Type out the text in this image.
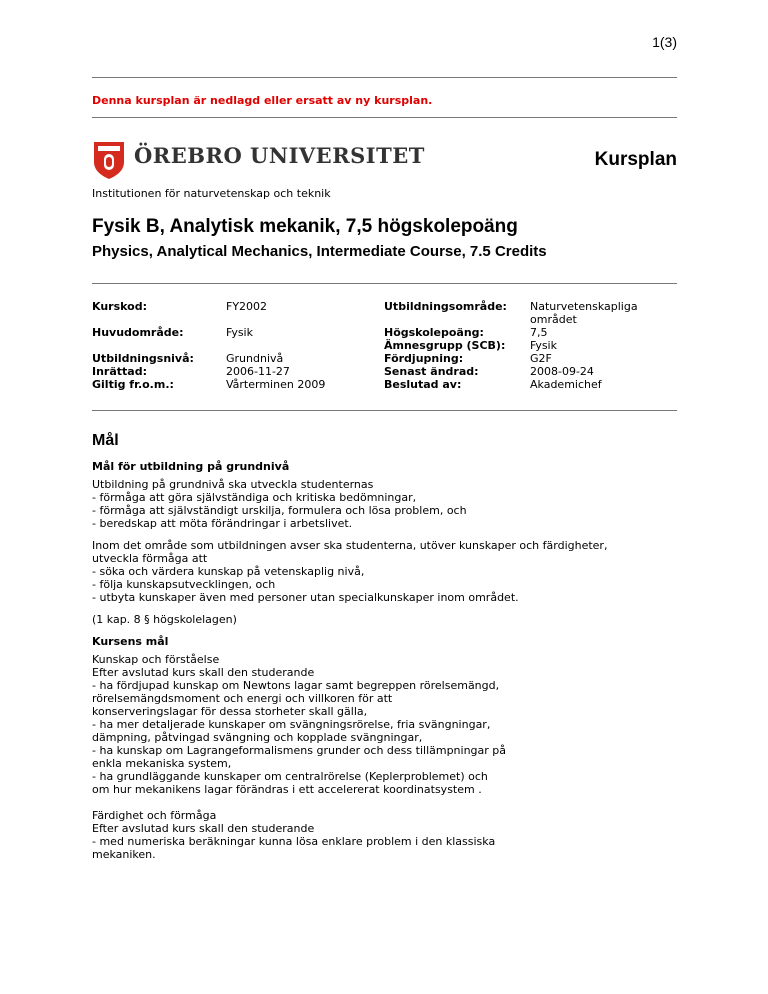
1(3)
Denna kursplan är nedlagd eller ersatt av ny kursplan.
ÖREBRO UNIVERSITET	Kursplan
Institutionen för naturvetenskap och teknik
Fysik B, Analytisk mekanik, 7,5 högskolepoäng
Physics, Analytical Mechanics, Intermediate Course, 7.5 Credits
Kurskod:	FY2002	Utbildningsområde: Naturvetenskapliga
området
Huvudområde:	Fysik	Högskolepoäng:	7,5
Ämnesgrupp (SCB): Fysik
Utbildningsnivå:	Grundnivå	Fördjupning:	G2F
Inrättad:	2006-11-27	Senast ändrad:	2008-09-24
Giltig fr.o.m.:	Vårterminen 2009	Beslutad av:	Akademichef
Mål
Mål för utbildning på grundnivå
Utbildning på grundnivå ska utveckla studenternas
- förmåga att göra självständiga och kritiska bedömningar,
- förmåga att självständigt urskilja, formulera och lösa problem, och
- beredskap att möta förändringar i arbetslivet.
Inom det område som utbildningen avser ska studenterna, utöver kunskaper och färdigheter,
utveckla förmåga att
- söka och värdera kunskap på vetenskaplig nivå,
- följa kunskapsutvecklingen, och
- utbyta kunskaper även med personer utan specialkunskaper inom området.
(1 kap. 8 § högskolelagen)
Kursens mål
Kunskap och förståelse
Efter avslutad kurs skall den studerande
- ha fördjupad kunskap om Newtons lagar samt begreppen rörelsemängd,
rörelsemängdsmoment och energi och villkoren för att
konserveringslagar för dessa storheter skall gälla,
- ha mer detaljerade kunskaper om svängningsrörelse, fria svängningar,
dämpning, påtvingad svängning och kopplade svängningar,
- ha kunskap om Lagrangeformalismens grunder och dess tillämpningar på
enkla mekaniska system,
- ha grundläggande kunskaper om centralrörelse (Keplerproblemet) och
om hur mekanikens lagar förändras i ett accelererat koordinatsystem .
Färdighet och förmåga
Efter avslutad kurs skall den studerande
- med numeriska beräkningar kunna lösa enklare problem i den klassiska
mekaniken.
